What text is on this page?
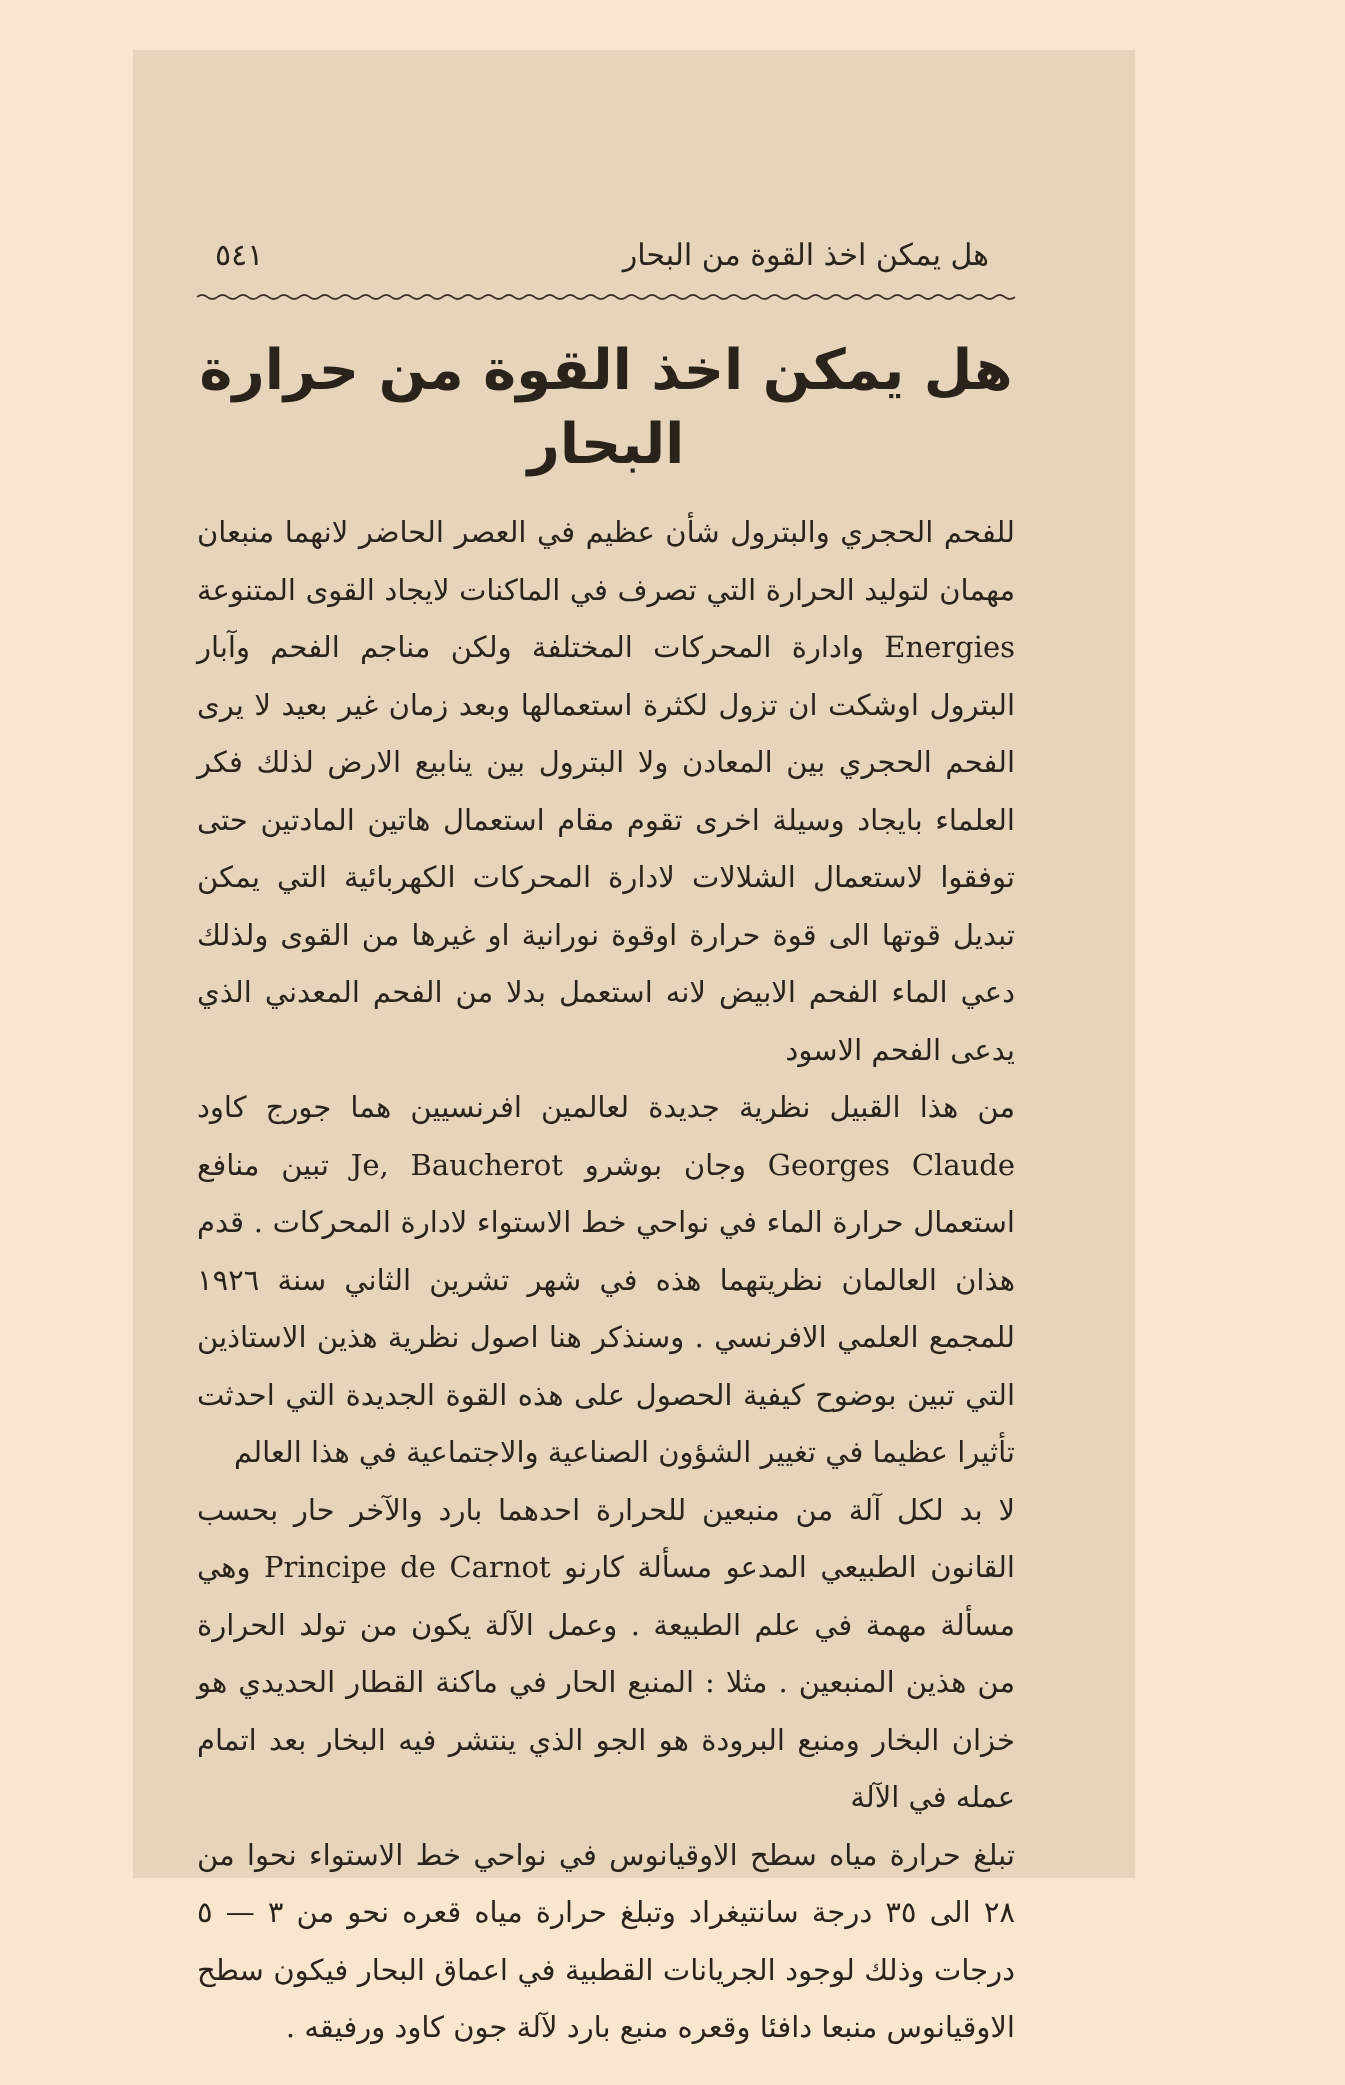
هل يمكن اخذ القوة من البحار
٥٤١
هل يمكن اخذ القوة من حرارة البحار

للفحم الحجري والبترول شأن عظيم في العصر الحاضر لانهما منبعان مهمان لتوليد الحرارة التي تصرف في الماكنات لايجاد القوى المتنوعة Energies وادارة المحركات المختلفة ولكن مناجم الفحم وآبار البترول اوشكت ان تزول لكثرة استعمالها وبعد زمان غير بعيد لا يرى الفحم الحجري بين المعادن ولا البترول بين ينابيع الارض لذلك فكر العلماء بايجاد وسيلة اخرى تقوم مقام استعمال هاتين المادتين حتى توفقوا لاستعمال الشلالات لادارة المحركات الكهربائية التي يمكن تبديل قوتها الى قوة حرارة اوقوة نورانية او غيرها من القوى ولذلك دعي الماء الفحم الابيض لانه استعمل بدلا من الفحم المعدني الذي يدعى الفحم الاسود

من هذا القبيل نظرية جديدة لعالمين افرنسيين هما جورج كاود Georges Claude وجان بوشرو Je, Baucherot تبين منافع استعمال حرارة الماء في نواحي خط الاستواء لادارة المحركات . قدم هذان العالمان نظريتهما هذه في شهر تشرين الثاني سنة ١٩٢٦ للمجمع العلمي الافرنسي . وسنذكر هنا اصول نظرية هذين الاستاذين التي تبين بوضوح كيفية الحصول على هذه القوة الجديدة التي احدثت تأثيرا عظيما في تغيير الشؤون الصناعية والاجتماعية في هذا العالم

لا بد لكل آلة من منبعين للحرارة احدهما بارد والآخر حار بحسب القانون الطبيعي المدعو مسألة كارنو Principe de Carnot وهي مسألة مهمة في علم الطبيعة . وعمل الآلة يكون من تولد الحرارة من هذين المنبعين . مثلا : المنبع الحار في ماكنة القطار الحديدي هو خزان البخار ومنبع البرودة هو الجو الذي ينتشر فيه البخار بعد اتمام عمله في الآلة

تبلغ حرارة مياه سطح الاوقيانوس في نواحي خط الاستواء نحوا من ٢٨ الى ٣٥ درجة سانتيغراد وتبلغ حرارة مياه قعره نحو من ٣ — ٥ درجات وذلك لوجود الجريانات القطبية في اعماق البحار فيكون سطح الاوقيانوس منبعا دافئا وقعره منبع بارد لآلة جون كاود ورفيقه .
